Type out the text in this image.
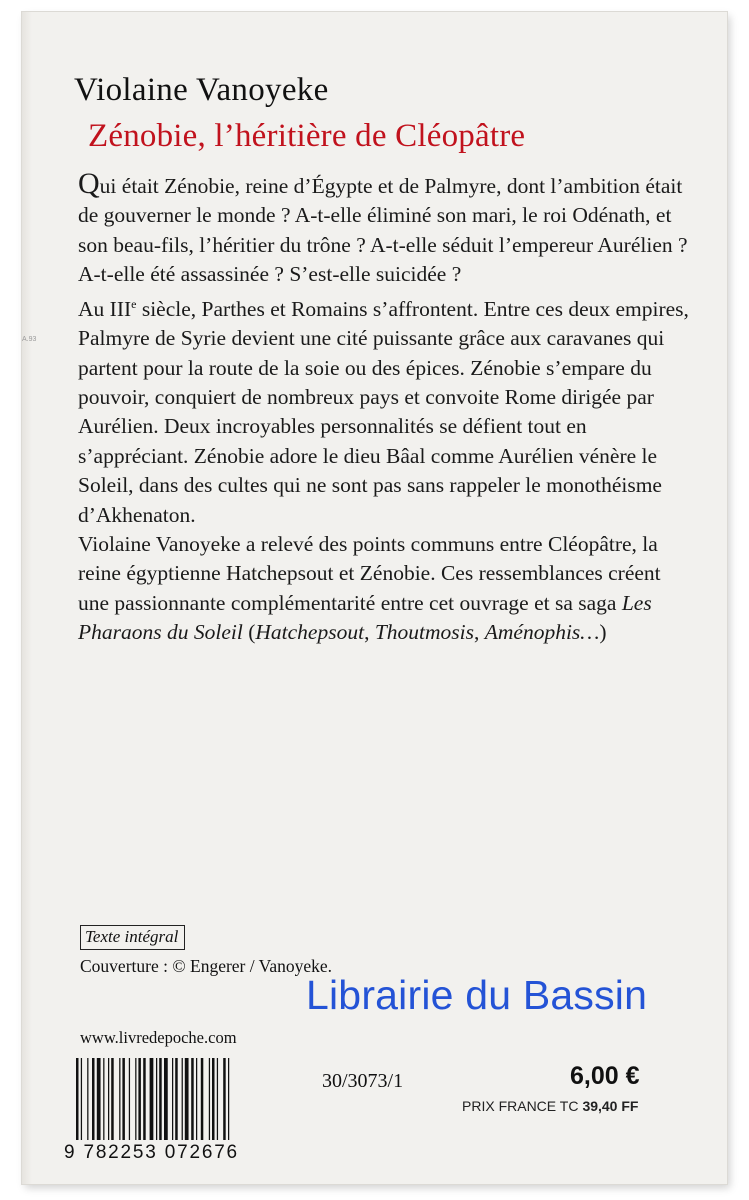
Violaine Vanoyeke
Zénobie, l’héritière de Cléopâtre

Qui était Zénobie, reine d’Égypte et de Palmyre, dont l’ambition était de gouverner le monde ? A-t-elle éliminé son mari, le roi Odénath, et son beau-fils, l’héritier du trône ? A-t-elle séduit l’empereur Aurélien ? A-t-elle été assassinée ? S’est-elle suicidée ?

Au IIIe siècle, Parthes et Romains s’affrontent. Entre ces deux empires, Palmyre de Syrie devient une cité puissante grâce aux caravanes qui partent pour la route de la soie ou des épices. Zénobie s’empare du pouvoir, conquiert de nombreux pays et convoite Rome dirigée par Aurélien. Deux incroyables personnalités se défient tout en s’appréciant. Zénobie adore le dieu Bâal comme Aurélien vénère le Soleil, dans des cultes qui ne sont pas sans rappeler le monothéisme d’Akhenaton.

Violaine Vanoyeke a relevé des points communs entre Cléopâtre, la reine égyptienne Hatchepsout et Zénobie. Ces ressemblances créent une passionnante complémentarité entre cet ouvrage et sa saga Les Pharaons du Soleil (Hatchepsout, Thoutmosis, Aménophis…)

A.93
Texte intégral
Couverture : © Engerer / Vanoyeke.
Librairie du Bassin
www.livredepoche.com
9 782253 072676
30/3073/1	6,00 €
PRIX FRANCE TC 39,40 FF
